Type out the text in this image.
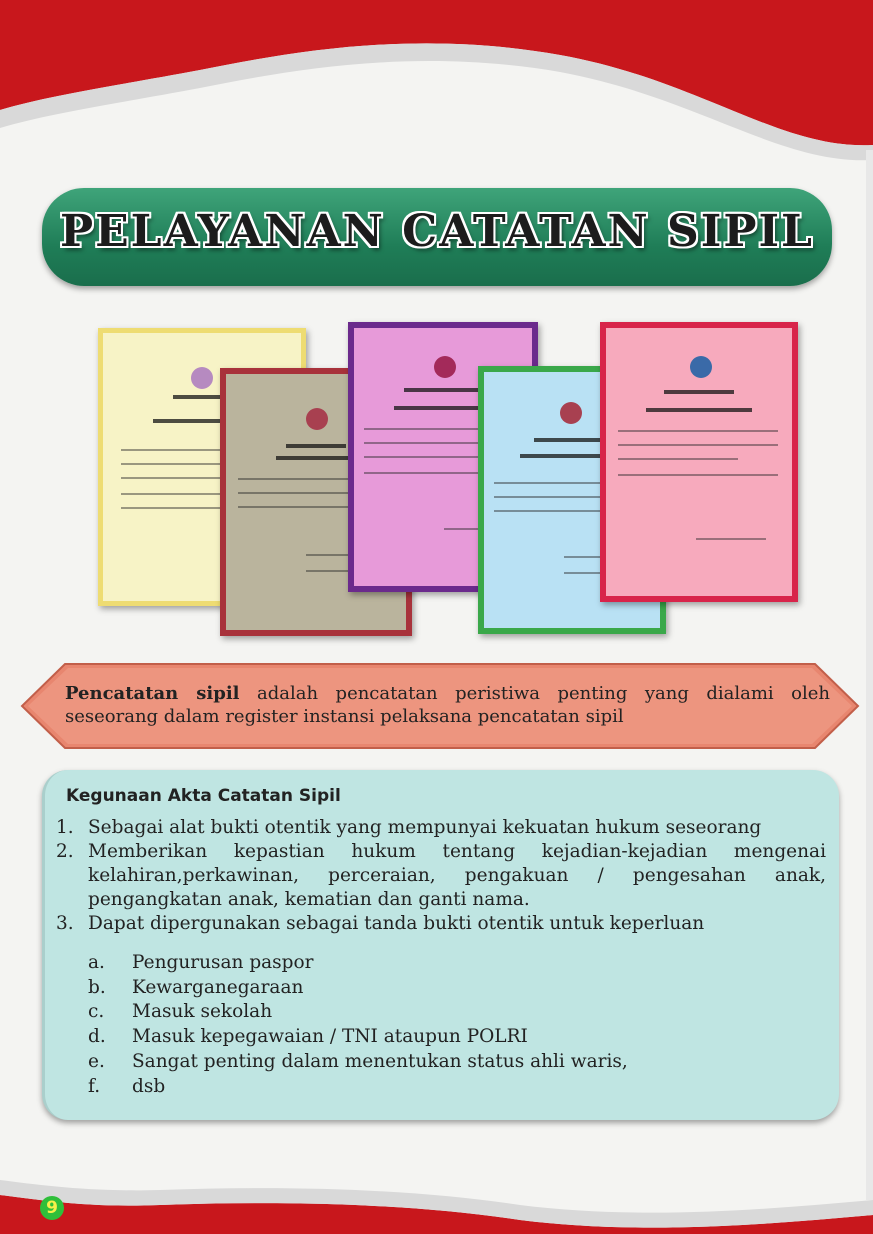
PELAYANAN CATATAN SIPIL
Pencatatan sipil adalah pencatatan peristiwa penting yang dialami oleh seseorang dalam register instansi pelaksana pencatatan sipil
Kegunaan Akta Catatan Sipil
1. Sebagai alat bukti otentik yang mempunyai kekuatan hukum seseorang
2. Memberikan kepastian hukum tentang kejadian-kejadian mengenai kelahiran,perkawinan, perceraian, pengakuan / pengesahan anak, pengangkatan anak, kematian dan ganti nama.
3. Dapat dipergunakan sebagai tanda bukti otentik untuk keperluan
a. Pengurusan paspor
b. Kewarganegaraan
c. Masuk sekolah
d. Masuk kepegawaian / TNI ataupun POLRI
e. Sangat penting dalam menentukan status ahli waris,
f. dsb
9
